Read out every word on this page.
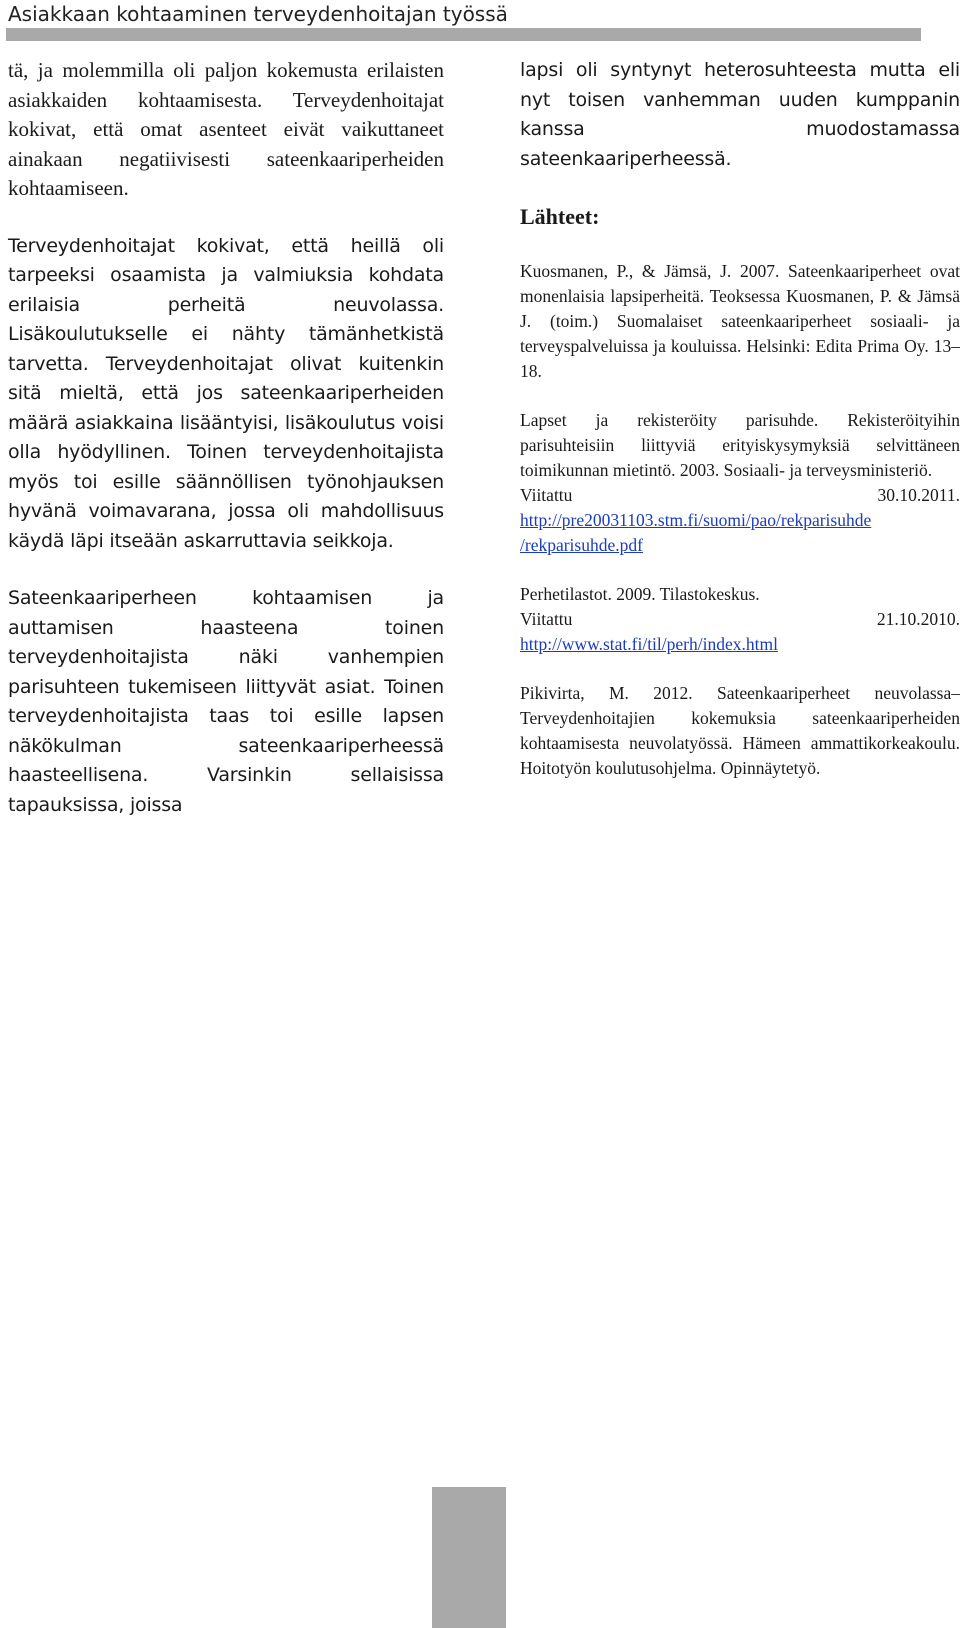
Asiakkaan kohtaaminen terveydenhoitajan työssä

tä, ja molemmilla oli paljon kokemusta erilaisten asiakkaiden kohtaamisesta. Terveydenhoitajat kokivat, että omat asenteet eivät vaikuttaneet ainakaan negatiivisesti sateenkaariperheiden kohtaamiseen.

Terveydenhoitajat kokivat, että heillä oli tarpeeksi osaamista ja valmiuksia kohdata erilaisia perheitä neuvolassa. Lisäkoulutukselle ei nähty tämänhetkistä tarvetta. Terveydenhoitajat olivat kuitenkin sitä mieltä, että jos sateenkaariperheiden määrä asiakkaina lisääntyisi, lisäkoulutus voisi olla hyödyllinen. Toinen terveydenhoitajista myös toi esille säännöllisen työnohjauksen hyvänä voimavarana, jossa oli mahdollisuus käydä läpi itseään askarruttavia seikkoja.

Sateenkaariperheen kohtaamisen ja auttamisen haasteena toinen terveydenhoitajista näki vanhempien parisuhteen tukemiseen liittyvät asiat. Toinen terveydenhoitajista taas toi esille lapsen näkökulman sateenkaariperheessä haasteellisena. Varsinkin sellaisissa tapauksissa, joissa

lapsi oli syntynyt heterosuhteesta mutta eli nyt toisen vanhemman uuden kumppanin kanssa muodostamassa sateenkaariperheessä.

Lähteet:

Kuosmanen, P., & Jämsä, J. 2007. Sateenkaariperheet ovat monenlaisia lapsiperheitä. Teoksessa Kuosmanen, P. & Jämsä J. (toim.) Suomalaiset sateenkaariperheet sosiaali- ja terveyspalveluissa ja kouluissa. Helsinki: Edita Prima Oy. 13–18.

Lapset ja rekisteröity parisuhde. Rekisteröityihin parisuhteisiin liittyviä erityiskysymyksiä selvittäneen toimikunnan mietintö. 2003. Sosiaali- ja terveysministeriö.
Viitattu	30.10.2011.
http://pre20031103.stm.fi/suomi/pao/rekparisuhde
/rekparisuhde.pdf
Perhetilastot. 2009. Tilastokeskus.
Viitattu	21.10.2010.
http://www.stat.fi/til/perh/index.html

Pikivirta, M. 2012. Sateenkaariperheet neuvolassa–Terveydenhoitajien kokemuksia sateenkaariperheiden kohtaamisesta neuvolatyössä. Hämeen ammattikorkeakoulu. Hoitotyön koulutusohjelma. Opinnäytetyö.
